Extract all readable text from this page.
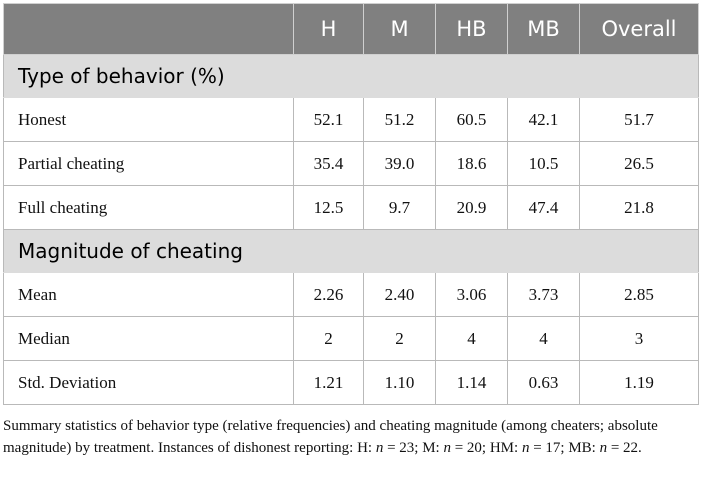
	H	M	HB	MB	Overall
Type of behavior (%)					
Honest	52.1	51.2	60.5	42.1	51.7
Partial cheating	35.4	39.0	18.6	10.5	26.5
Full cheating	12.5	9.7	20.9	47.4	21.8
Magnitude of cheating					
Mean	2.26	2.40	3.06	3.73	2.85
Median	2	2	4	4	3
Std. Deviation	1.21	1.10	1.14	0.63	1.19
Summary statistics of behavior type (relative frequencies) and cheating magnitude (among cheaters; absolute magnitude) by treatment. Instances of dishonest reporting: H: n = 23; M: n = 20; HM: n = 17; MB: n = 22.
